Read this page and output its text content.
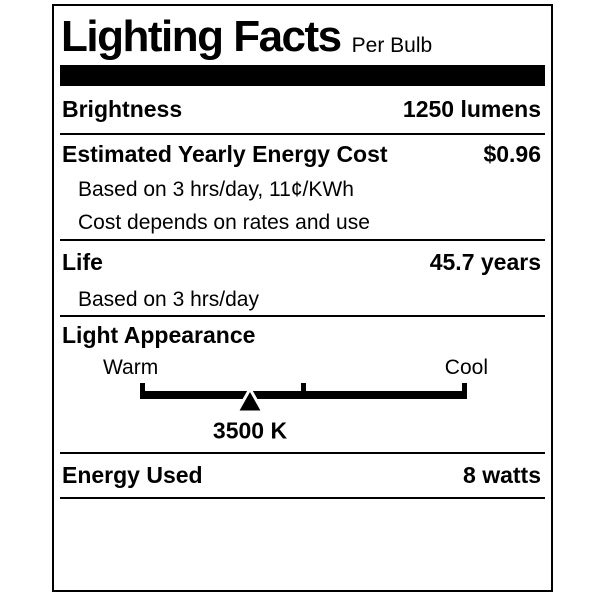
Lighting Facts Per Bulb
Brightness	1250 lumens
Estimated Yearly Energy Cost	$0.96
Based on 3 hrs/day, 11¢/KWh
Cost depends on rates and use
Life	45.7 years
Based on 3 hrs/day
Light Appearance
Warm	Cool
3500 K
Energy Used	8 watts
